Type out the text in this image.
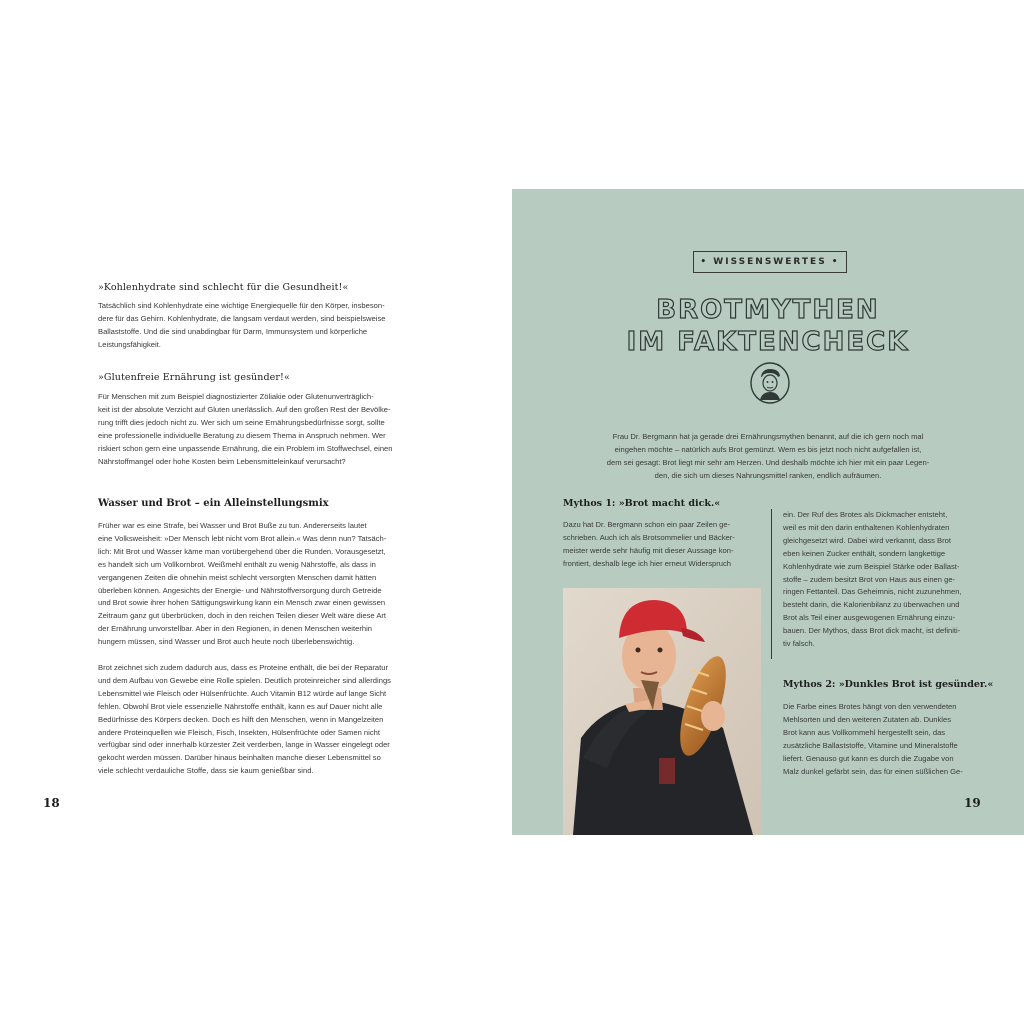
»Kohlenhydrate sind schlecht für die Gesundheit!«

Tatsächlich sind Kohlenhydrate eine wichtige Energiequelle für den Körper, insbeson-

dere für das Gehirn. Kohlenhydrate, die langsam verdaut werden, sind beispielsweise

Ballaststoffe. Und die sind unabdingbar für Darm, Immunsystem und körperliche

Leistungsfähigkeit.

»Glutenfreie Ernährung ist gesünder!«

Für Menschen mit zum Beispiel diagnostizierter Zöliakie oder Glutenunverträglich-

keit ist der absolute Verzicht auf Gluten unerlässlich. Auf den großen Rest der Bevölke-

rung trifft dies jedoch nicht zu. Wer sich um seine Ernährungsbedürfnisse sorgt, sollte

eine professionelle individuelle Beratung zu diesem Thema in Anspruch nehmen. Wer

riskiert schon gern eine unpassende Ernährung, die ein Problem im Stoffwechsel, einen

Nährstoffmangel oder hohe Kosten beim Lebensmitteleinkauf verursacht?

Wasser und Brot – ein Alleinstellungsmix

Früher war es eine Strafe, bei Wasser und Brot Buße zu tun. Andererseits lautet

eine Volksweisheit: »Der Mensch lebt nicht vom Brot allein.« Was denn nun? Tatsäch-

lich: Mit Brot und Wasser käme man vorübergehend über die Runden. Vorausgesetzt,

es handelt sich um Vollkornbrot. Weißmehl enthält zu wenig Nährstoffe, als dass in

vergangenen Zeiten die ohnehin meist schlecht versorgten Menschen damit hätten

überleben können. Angesichts der Energie- und Nährstoffversorgung durch Getreide

und Brot sowie ihrer hohen Sättigungswirkung kann ein Mensch zwar einen gewissen

Zeitraum ganz gut überbrücken, doch in den reichen Teilen dieser Welt wäre diese Art

der Ernährung unvorstellbar. Aber in den Regionen, in denen Menschen weiterhin

hungern müssen, sind Wasser und Brot auch heute noch überlebenswichtig.

Brot zeichnet sich zudem dadurch aus, dass es Proteine enthält, die bei der Reparatur

und dem Aufbau von Gewebe eine Rolle spielen. Deutlich proteinreicher sind allerdings

Lebensmittel wie Fleisch oder Hülsenfrüchte. Auch Vitamin B12 würde auf lange Sicht

fehlen. Obwohl Brot viele essenzielle Nährstoffe enthält, kann es auf Dauer nicht alle

Bedürfnisse des Körpers decken. Doch es hilft den Menschen, wenn in Mangelzeiten

andere Proteinquellen wie Fleisch, Fisch, Insekten, Hülsenfrüchte oder Samen nicht

verfügbar sind oder innerhalb kürzester Zeit verderben, lange in Wasser eingelegt oder

gekocht werden müssen. Darüber hinaus beinhalten manche dieser Lebensmittel so

viele schlecht verdauliche Stoffe, dass sie kaum genießbar sind.

18
• WISSENSWERTES •

BROTMYTHEN

IM FAKTENCHECK

Frau Dr. Bergmann hat ja gerade drei Ernährungsmythen benannt, auf die ich gern noch mal

eingehen möchte – natürlich aufs Brot gemünzt. Wem es bis jetzt noch nicht aufgefallen ist,

dem sei gesagt: Brot liegt mir sehr am Herzen. Und deshalb möchte ich hier mit ein paar Legen-

den, die sich um dieses Nahrungsmittel ranken, endlich aufräumen.

Mythos 1: »Brot macht dick.«

Dazu hat Dr. Bergmann schon ein paar Zeilen ge-

schrieben. Auch ich als Brotsommelier und Bäcker-

meister werde sehr häufig mit dieser Aussage kon-

frontiert, deshalb lege ich hier erneut Widerspruch

ein. Der Ruf des Brotes als Dickmacher entsteht,

weil es mit den darin enthaltenen Kohlenhydraten

gleichgesetzt wird. Dabei wird verkannt, dass Brot

eben keinen Zucker enthält, sondern langkettige

Kohlenhydrate wie zum Beispiel Stärke oder Ballast-

stoffe – zudem besitzt Brot von Haus aus einen ge-

ringen Fettanteil. Das Geheimnis, nicht zuzunehmen,

besteht darin, die Kalorienbilanz zu überwachen und

Brot als Teil einer ausgewogenen Ernährung einzu-

bauen. Der Mythos, dass Brot dick macht, ist definiti-

tiv falsch.

Mythos 2: »Dunkles Brot ist gesünder.«

Die Farbe eines Brotes hängt von den verwendeten

Mehlsorten und den weiteren Zutaten ab. Dunkles

Brot kann aus Vollkornmehl hergestellt sein, das

zusätzliche Ballaststoffe, Vitamine und Mineralstoffe

liefert. Genauso gut kann es durch die Zugabe von

Malz dunkel gefärbt sein, das für einen süßlichen Ge-

19
